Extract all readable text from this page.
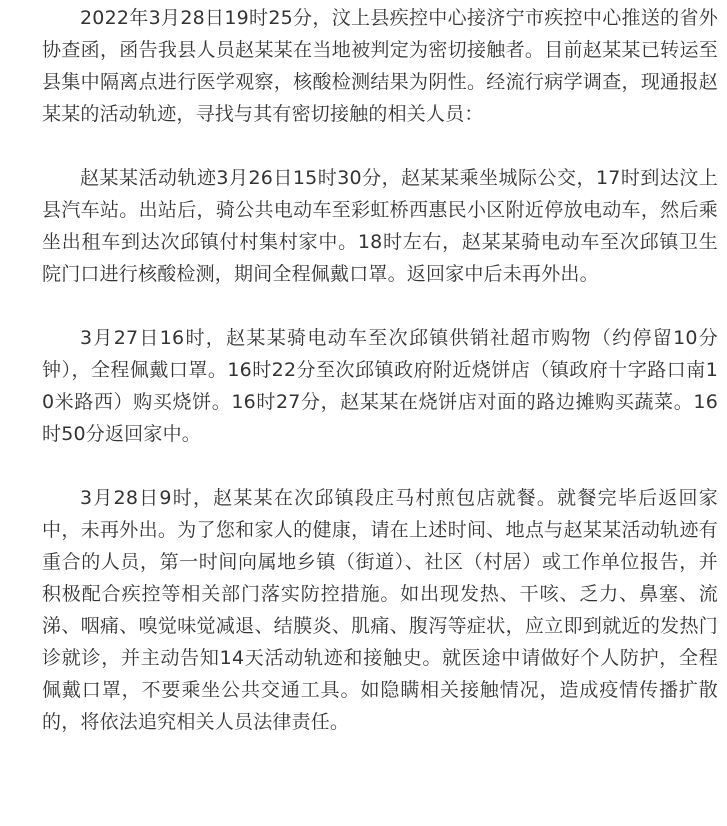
2022年3月28日19时25分，汶上县疾控中心接济宁市疾控中心推送的省外协查函，函告我县人员赵某某在当地被判定为密切接触者。目前赵某某已转运至县集中隔离点进行医学观察，核酸检测结果为阴性。经流行病学调查，现通报赵某某的活动轨迹，寻找与其有密切接触的相关人员：

赵某某活动轨迹3月26日15时30分，赵某某乘坐城际公交，17时到达汶上县汽车站。出站后，骑公共电动车至彩虹桥西惠民小区附近停放电动车，然后乘坐出租车到达次邱镇付村集村家中。18时左右，赵某某骑电动车至次邱镇卫生院门口进行核酸检测，期间全程佩戴口罩。返回家中后未再外出。

3月27日16时，赵某某骑电动车至次邱镇供销社超市购物（约停留10分钟），全程佩戴口罩。16时22分至次邱镇政府附近烧饼店（镇政府十字路口南10米路西）购买烧饼。16时27分，赵某某在烧饼店对面的路边摊购买蔬菜。16时50分返回家中。

3月28日9时，赵某某在次邱镇段庄马村煎包店就餐。就餐完毕后返回家中，未再外出。为了您和家人的健康，请在上述时间、地点与赵某某活动轨迹有重合的人员，第一时间向属地乡镇（街道）、社区（村居）或工作单位报告，并积极配合疾控等相关部门落实防控措施。如出现发热、干咳、乏力、鼻塞、流涕、咽痛、嗅觉味觉减退、结膜炎、肌痛、腹泻等症状，应立即到就近的发热门诊就诊，并主动告知14天活动轨迹和接触史。就医途中请做好个人防护，全程佩戴口罩，不要乘坐公共交通工具。如隐瞒相关接触情况，造成疫情传播扩散的，将依法追究相关人员法律责任。
